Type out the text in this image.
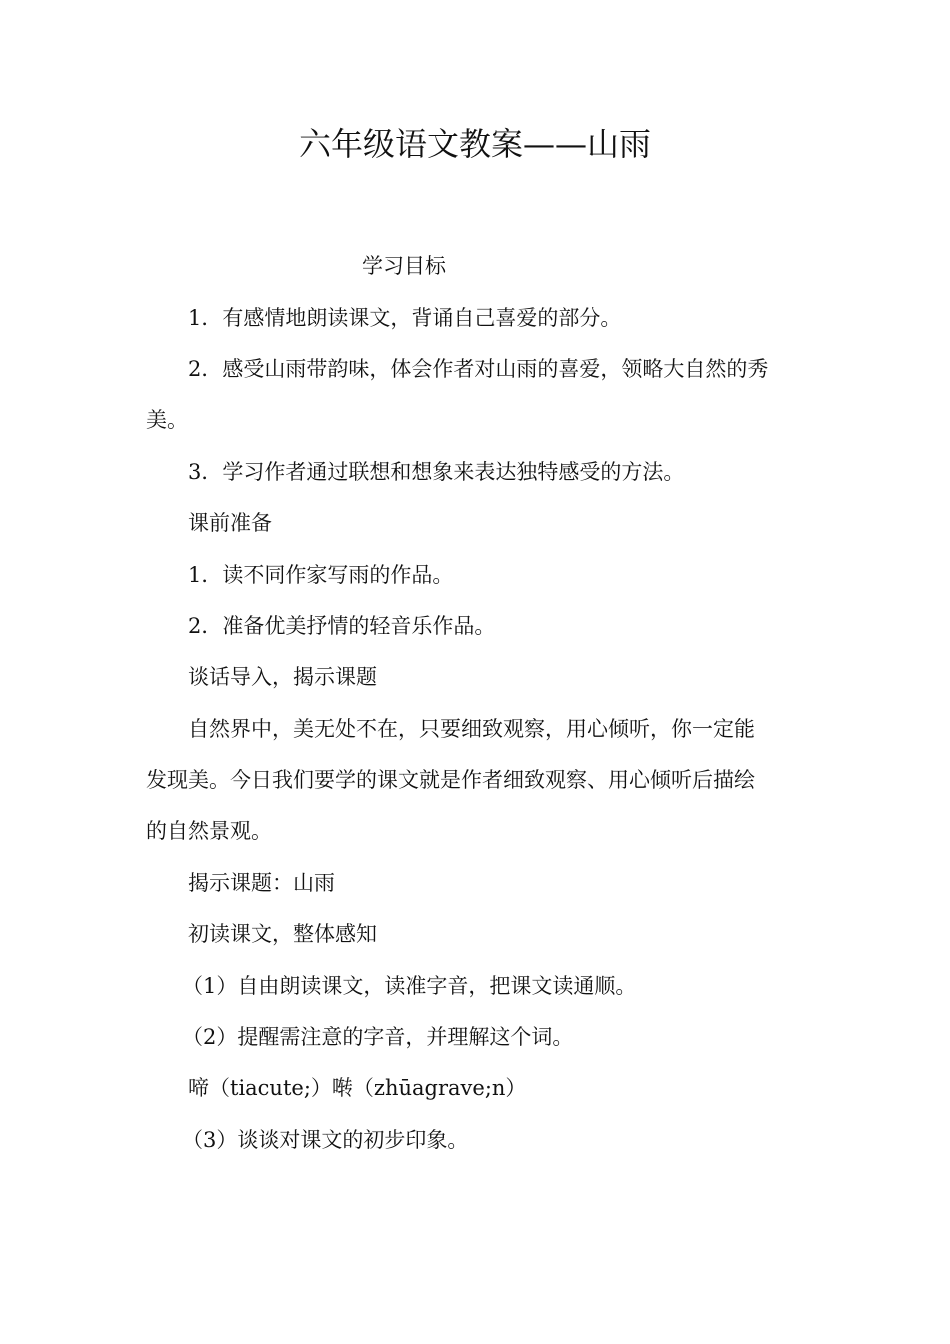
六年级语文教案——山雨
学习目标
1．有感情地朗读课文，背诵自己喜爱的部分。
2．感受山雨带韵味，体会作者对山雨的喜爱，领略大自然的秀
美。
3．学习作者通过联想和想象来表达独特感受的方法。
课前准备
1．读不同作家写雨的作品。
2．准备优美抒情的轻音乐作品。
谈话导入，揭示课题
自然界中，美无处不在，只要细致观察，用心倾听，你一定能
发现美。今日我们要学的课文就是作者细致观察、用心倾听后描绘
的自然景观。
揭示课题：山雨
初读课文，整体感知
（1）自由朗读课文，读准字音，把课文读通顺。
（2）提醒需注意的字音，并理解这个词。
啼（tiacute;）啭（zhūagrave;n）
（3）谈谈对课文的初步印象。
